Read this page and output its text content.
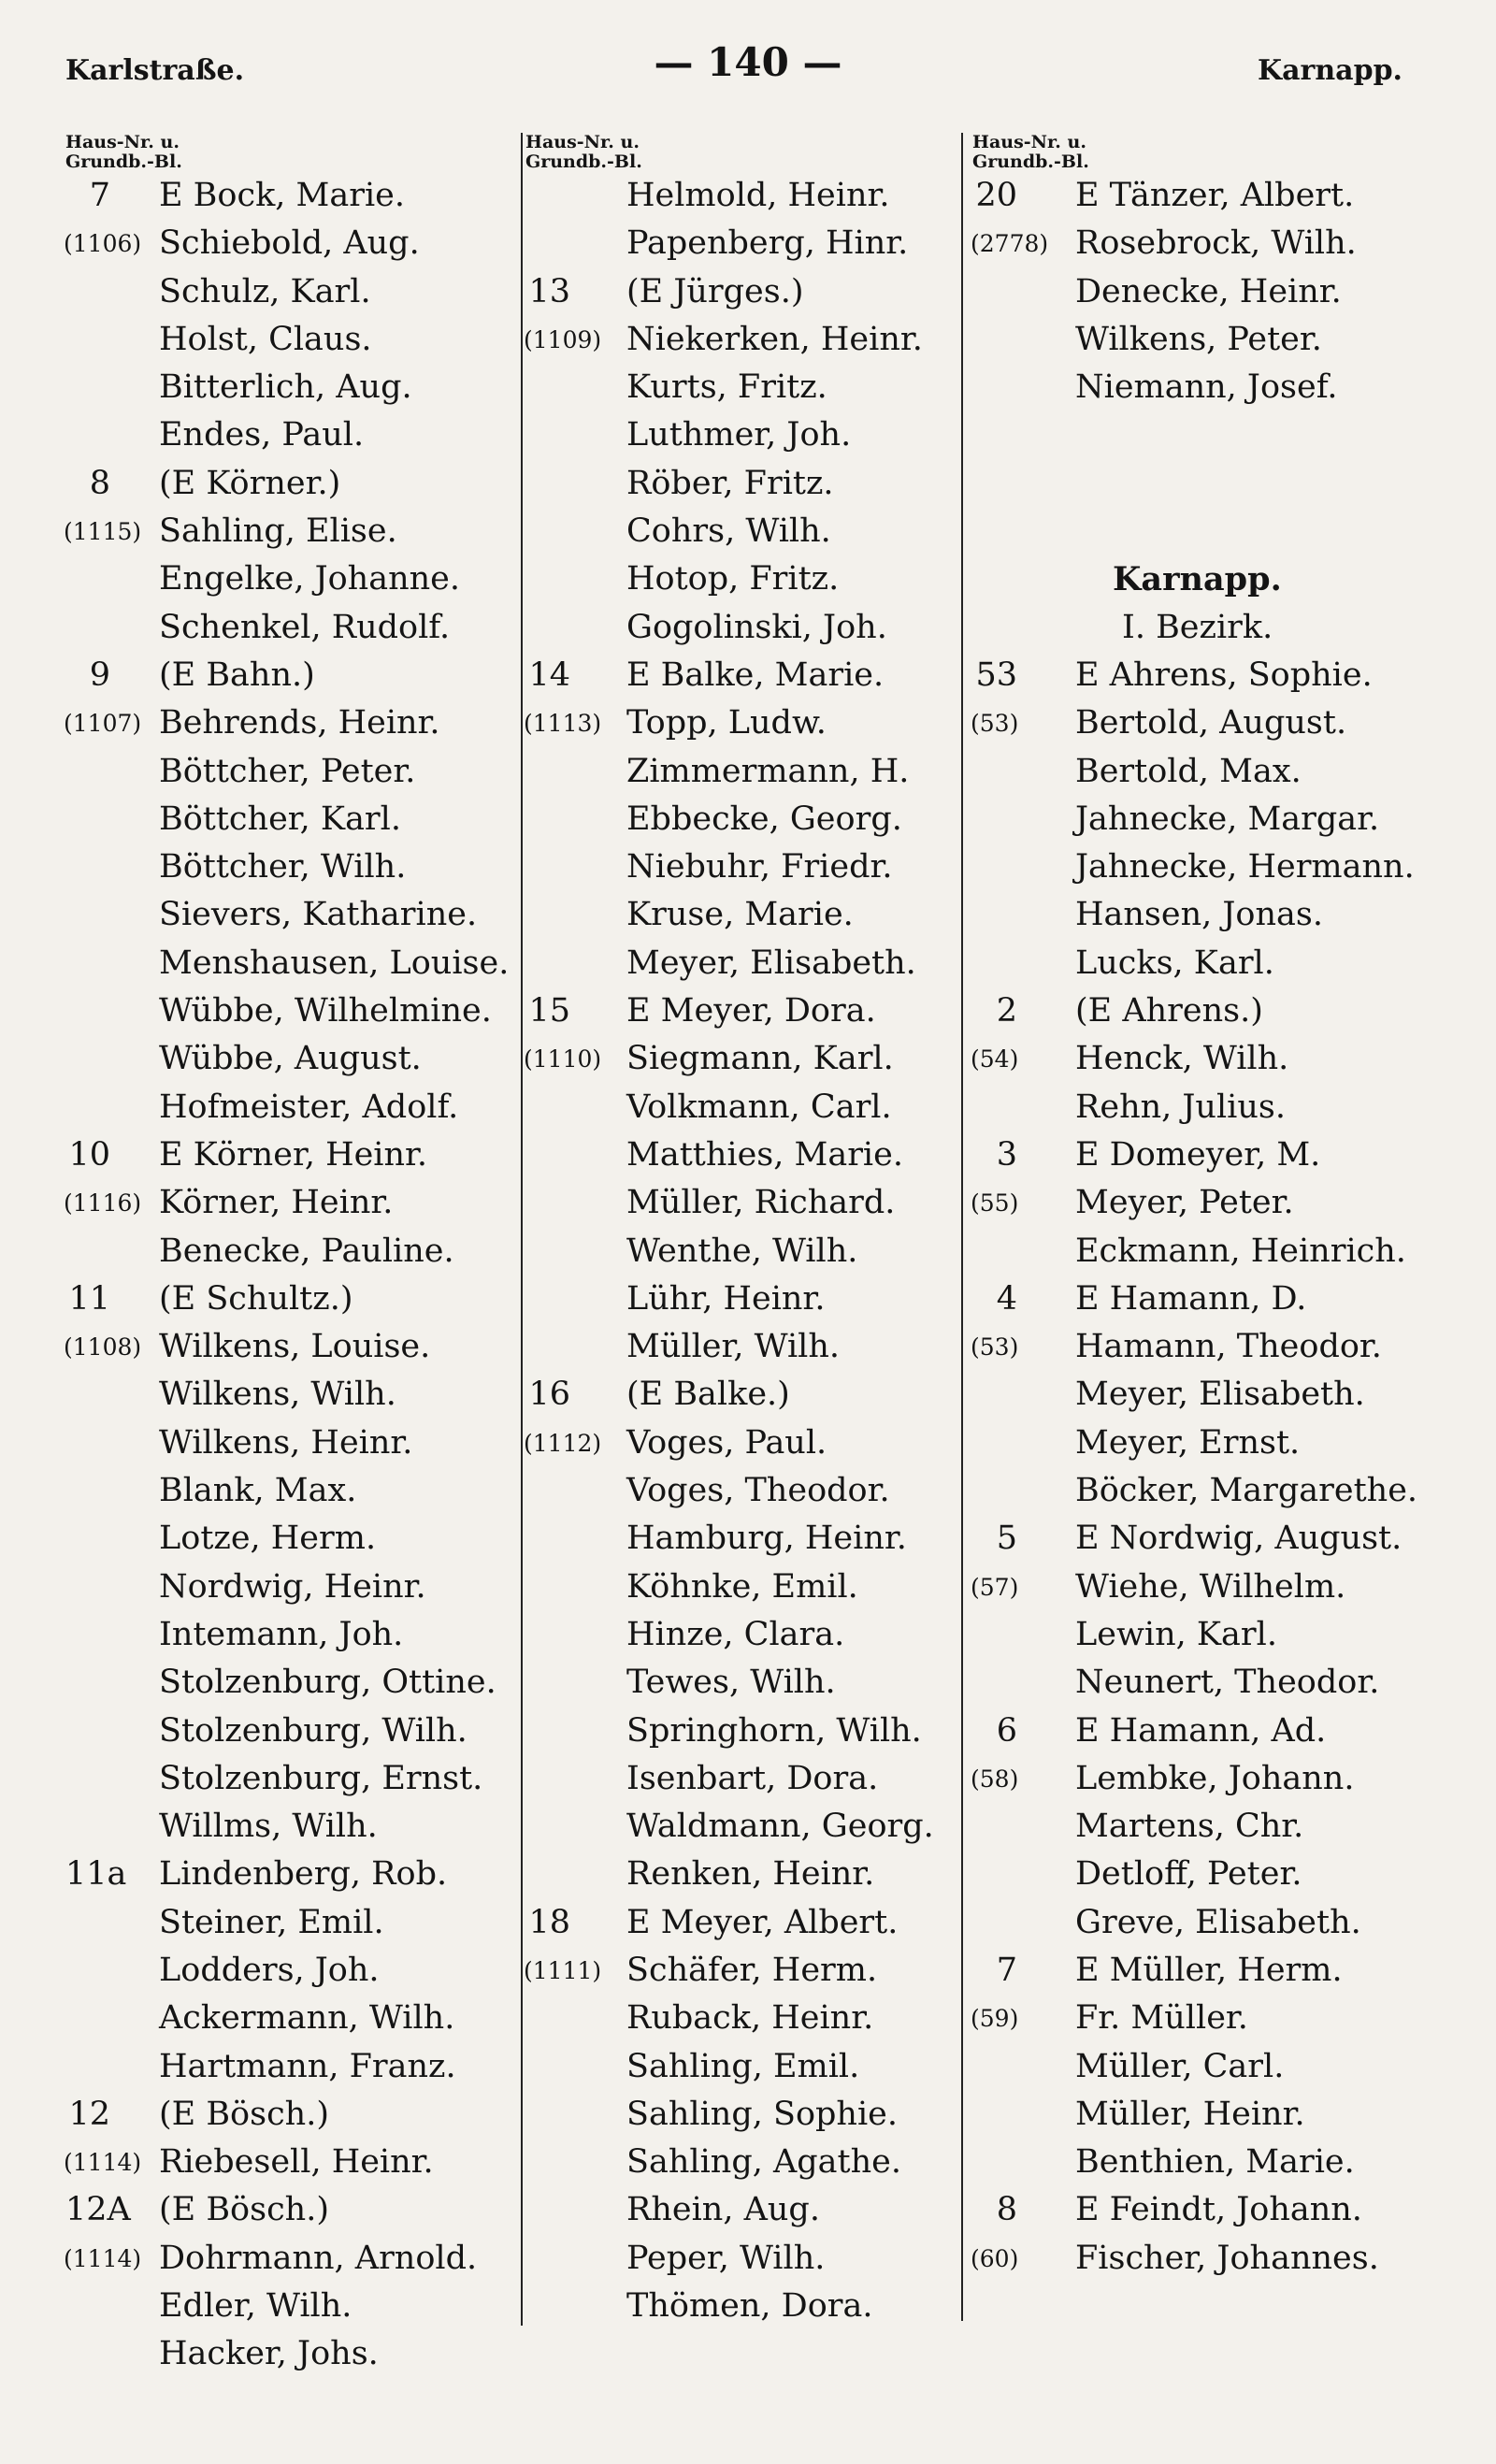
Karlstraße.	— 140 —	Karnapp.
Haus-Nr. u.
Grundb.-Bl.
7 E Bock, Marie.
(1106) Schiebold, Aug.
Schulz, Karl.
Holst, Claus.
Bitterlich, Aug.
Endes, Paul.
8 (E Körner.)
(1115) Sahling, Elise.
Engelke, Johanne.
Schenkel, Rudolf.
9 (E Bahn.)
(1107) Behrends, Heinr.
Böttcher, Peter.
Böttcher, Karl.
Böttcher, Wilh.
Sievers, Katharine.
Menshausen, Louise.
Wübbe, Wilhelmine.
Wübbe, August.
Hofmeister, Adolf.
10 E Körner, Heinr.
(1116) Körner, Heinr.
Benecke, Pauline.
11 (E Schultz.)
(1108) Wilkens, Louise.
Wilkens, Wilh.
Wilkens, Heinr.
Blank, Max.
Lotze, Herm.
Nordwig, Heinr.
Intemann, Joh.
Stolzenburg, Ottine.
Stolzenburg, Wilh.
Stolzenburg, Ernst.
Willms, Wilh.
11a Lindenberg, Rob.
Steiner, Emil.
Lodders, Joh.
Ackermann, Wilh.
Hartmann, Franz.
12 (E Bösch.)
(1114) Riebesell, Heinr.
12A (E Bösch.)
(1114) Dohrmann, Arnold.
Edler, Wilh.
Hacker, Johs.
Haus-Nr. u.
Grundb.-Bl.
Helmold, Heinr.
Papenberg, Hinr.
13 (E Jürges.)
(1109) Niekerken, Heinr.
Kurts, Fritz.
Luthmer, Joh.
Röber, Fritz.
Cohrs, Wilh.
Hotop, Fritz.
Gogolinski, Joh.
14 E Balke, Marie.
(1113) Topp, Ludw.
Zimmermann, H.
Ebbecke, Georg.
Niebuhr, Friedr.
Kruse, Marie.
Meyer, Elisabeth.
15 E Meyer, Dora.
(1110) Siegmann, Karl.
Volkmann, Carl.
Matthies, Marie.
Müller, Richard.
Wenthe, Wilh.
Lühr, Heinr.
Müller, Wilh.
16 (E Balke.)
(1112) Voges, Paul.
Voges, Theodor.
Hamburg, Heinr.
Köhnke, Emil.
Hinze, Clara.
Tewes, Wilh.
Springhorn, Wilh.
Isenbart, Dora.
Waldmann, Georg.
Renken, Heinr.
18 E Meyer, Albert.
(1111) Schäfer, Herm.
Ruback, Heinr.
Sahling, Emil.
Sahling, Sophie.
Sahling, Agathe.
Rhein, Aug.
Peper, Wilh.
Thömen, Dora.
Haus-Nr. u.
Grundb.-Bl.
20 E Tänzer, Albert.
(2778) Rosebrock, Wilh.
Denecke, Heinr.
Wilkens, Peter.
Niemann, Josef.
Karnapp.
I. Bezirk.
53 E Ahrens, Sophie.
(53) Bertold, August.
Bertold, Max.
Jahnecke, Margar.
Jahnecke, Hermann.
Hansen, Jonas.
Lucks, Karl.
2 (E Ahrens.)
(54) Henck, Wilh.
Rehn, Julius.
3 E Domeyer, M.
(55) Meyer, Peter.
Eckmann, Heinrich.
4 E Hamann, D.
(53) Hamann, Theodor.
Meyer, Elisabeth.
Meyer, Ernst.
Böcker, Margarethe.
5 E Nordwig, August.
(57) Wiehe, Wilhelm.
Lewin, Karl.
Neunert, Theodor.
6 E Hamann, Ad.
(58) Lembke, Johann.
Martens, Chr.
Detloff, Peter.
Greve, Elisabeth.
7 E Müller, Herm.
(59) Fr. Müller.
Müller, Carl.
Müller, Heinr.
Benthien, Marie.
8 E Feindt, Johann.
(60) Fischer, Johannes.
